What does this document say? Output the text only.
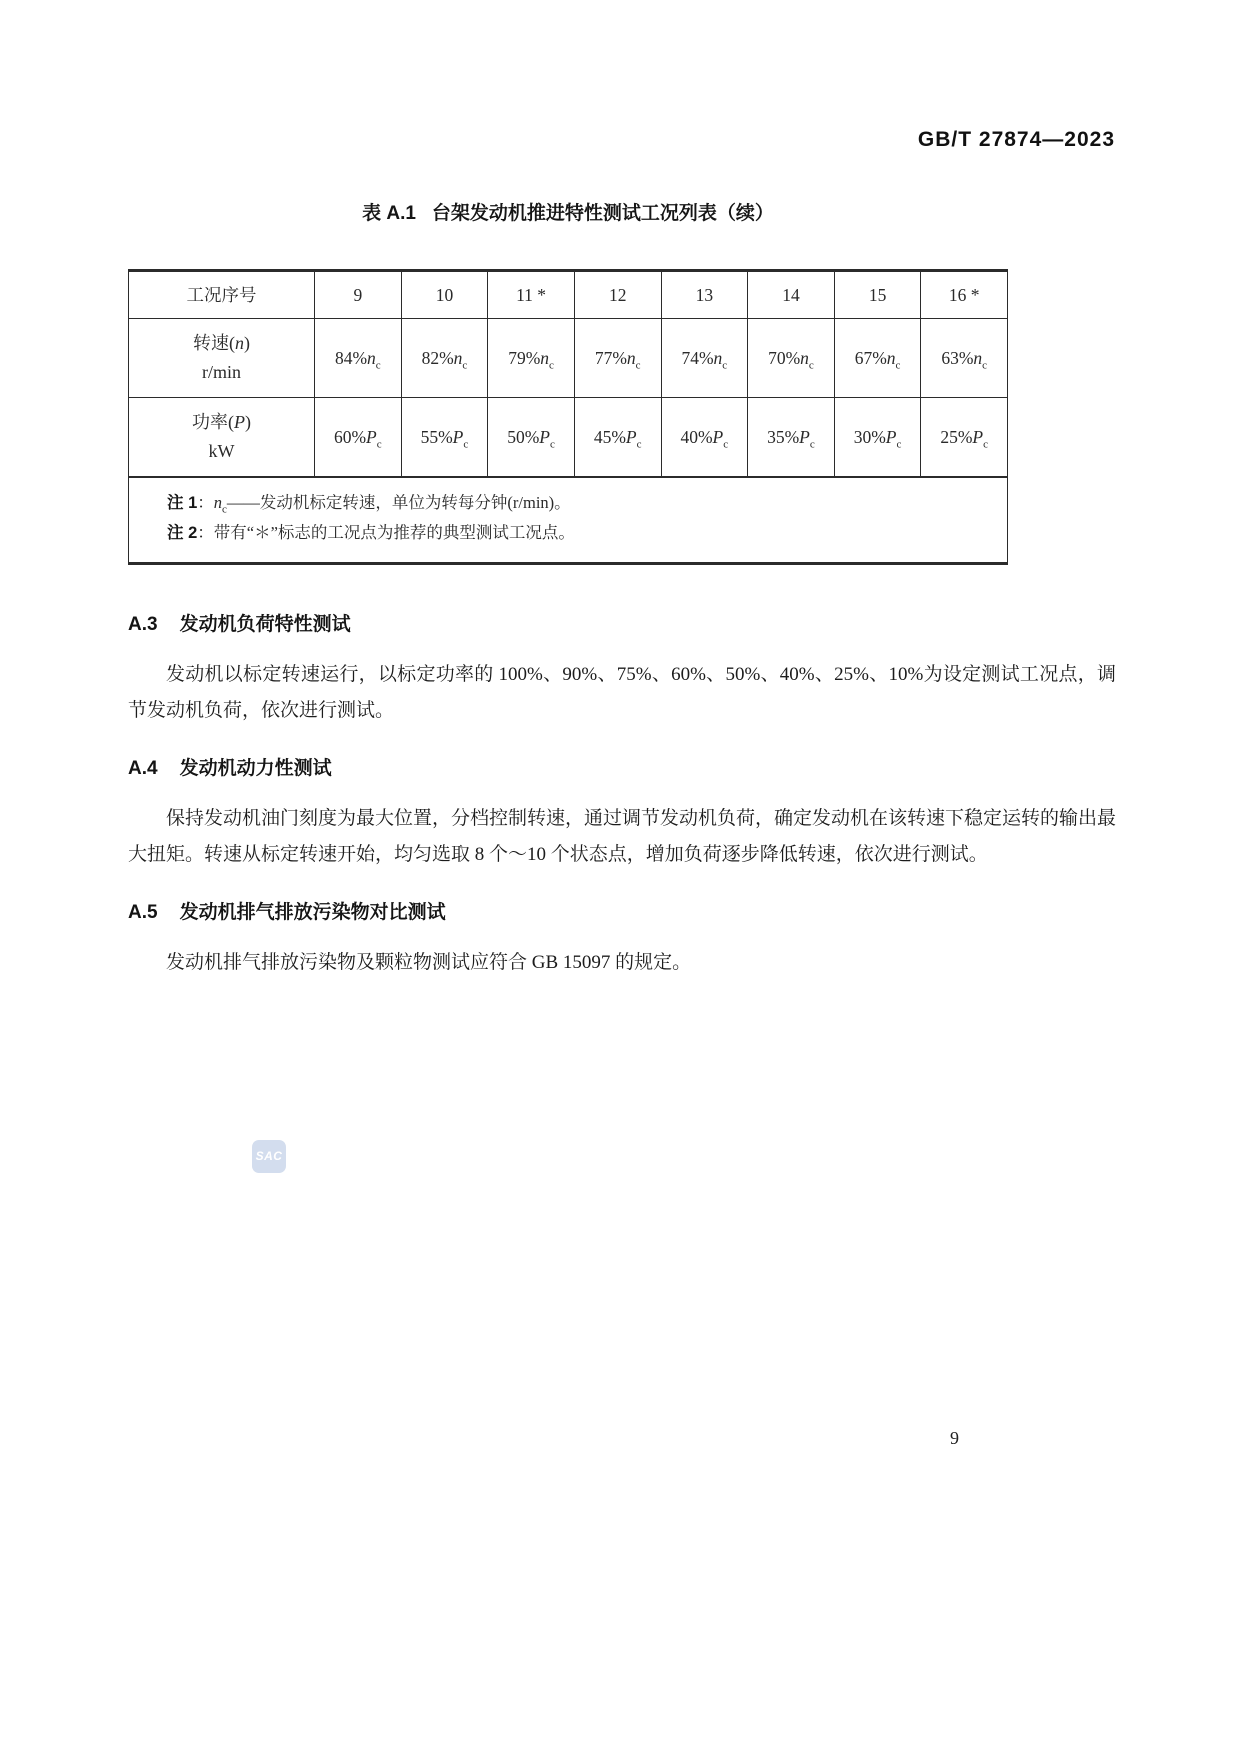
GB/T 27874—2023
表 A.1 台架发动机推进特性测试工况列表（续）
工况序号	9	10	11 *	12	13	14	15	16 *

转速(n)
r/min	$84\%n_c$	$82\%n_c$	$79\%n_c$	$77\%n_c$	$74\%n_c$	$70\%n_c$	$67\%n_c$	$63\%n_c$

功率(P)
kW	$60\%P_c$	$55\%P_c$	$50\%P_c$	$45\%P_c$	$40\%P_c$	$35\%P_c$	$30\%P_c$	$25\%P_c$

注 1：$n_c——$发动机标定转速，单位为转每分钟(r/min)。
注 2：带有“＊”标志的工况点为推荐的典型测试工况点。								
A.3 发动机负荷特性测试

发动机以标定转速运行，以标定功率的 100%、90%、75%、60%、50%、40%、25%、10%为设定测试工况点，调节发动机负荷，依次进行测试。

A.4 发动机动力性测试

保持发动机油门刻度为最大位置，分档控制转速，通过调节发动机负荷，确定发动机在该转速下稳定运转的输出最大扭矩。转速从标定转速开始，均匀选取 8 个～10 个状态点，增加负荷逐步降低转速，依次进行测试。

A.5 发动机排气排放污染物对比测试

发动机排气排放污染物及颗粒物测试应符合 GB 15097 的规定。

SAC
9
